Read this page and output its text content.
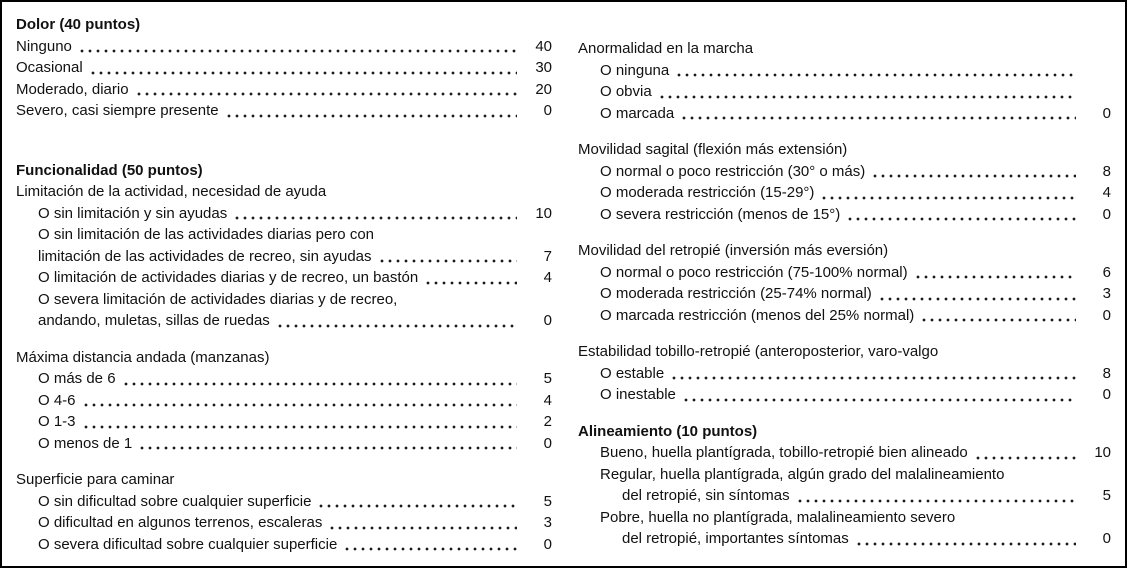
Dolor (40 puntos)
Ninguno	40
Ocasional	30
Moderado, diario	20
Severo, casi siempre presente	0
Funcionalidad (50 puntos)
Limitación de la actividad, necesidad de ayuda
O sin limitación y sin ayudas	10
O sin limitación de las actividades diarias pero con
limitación de las actividades de recreo, sin ayudas	7
O limitación de actividades diarias y de recreo, un bastón	4
O severa limitación de actividades diarias y de recreo,
andando, muletas, sillas de ruedas	0
Máxima distancia andada (manzanas)
O más de 6	5
O 4-6	4
O 1-3	2
O menos de 1	0
Superficie para caminar
O sin dificultad sobre cualquier superficie	5
O dificultad en algunos terrenos, escaleras	3
O severa dificultad sobre cualquier superficie	0
Anormalidad en la marcha
O ninguna
O obvia
O marcada	0
Movilidad sagital (flexión más extensión)
O normal o poco restricción (30° o más)	8
O moderada restricción (15-29°)	4
O severa restricción (menos de 15°)	0
Movilidad del retropié (inversión más eversión)
O normal o poco restricción (75-100% normal)	6
O moderada restricción (25-74% normal)	3
O marcada restricción (menos del 25% normal)	0
Estabilidad tobillo-retropié (anteroposterior, varo-valgo
O estable	8
O inestable	0
Alineamiento (10 puntos)
Bueno, huella plantígrada, tobillo-retropié bien alineado	10
Regular, huella plantígrada, algún grado del malalineamiento
del retropié, sin síntomas	5
Pobre, huella no plantígrada, malalineamiento severo
del retropié, importantes síntomas	0
